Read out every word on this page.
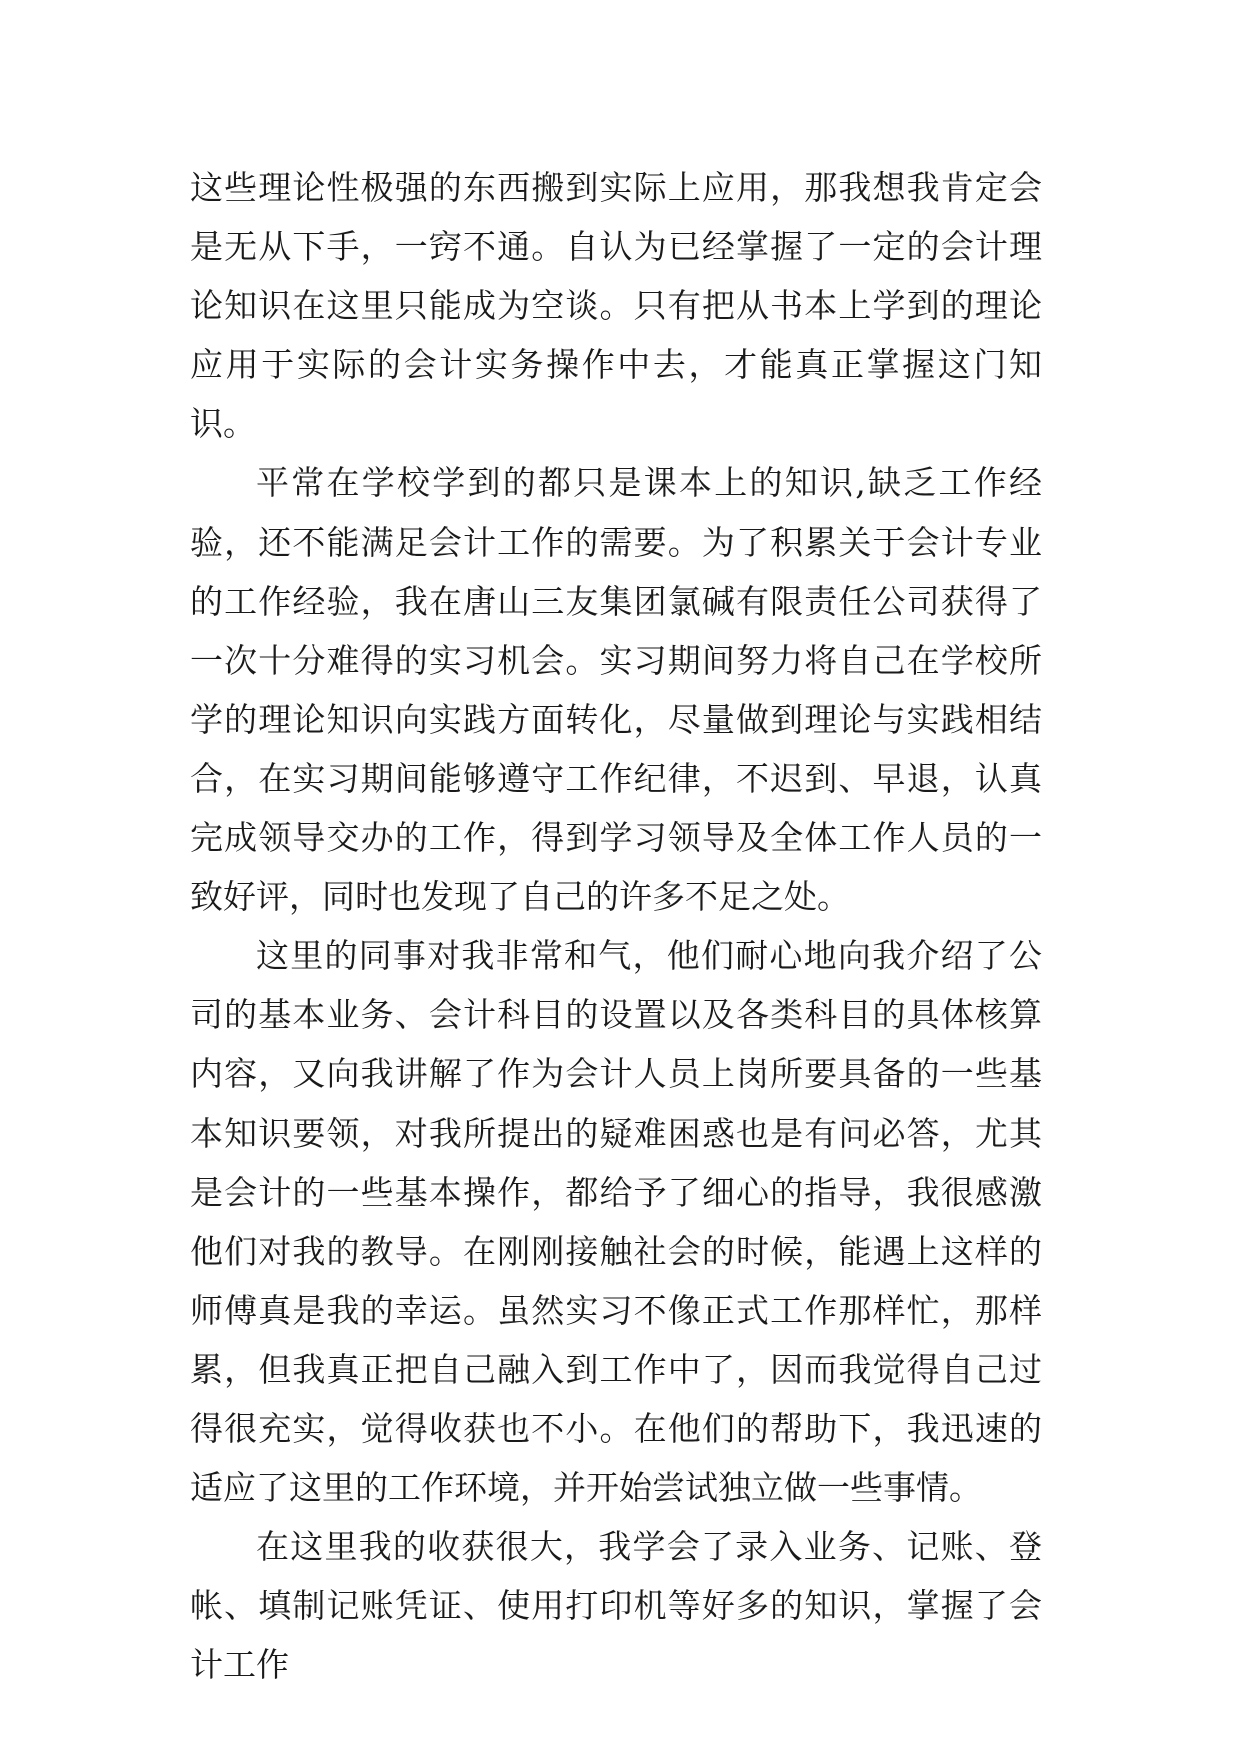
这些理论性极强的东西搬到实际上应用，那我想我肯定会是无从下手，一窍不通。自认为已经掌握了一定的会计理论知识在这里只能成为空谈。只有把从书本上学到的理论应用于实际的会计实务操作中去，才能真正掌握这门知识。

平常在学校学到的都只是课本上的知识,缺乏工作经验，还不能满足会计工作的需要。为了积累关于会计专业的工作经验，我在唐山三友集团氯碱有限责任公司获得了一次十分难得的实习机会。实习期间努力将自己在学校所学的理论知识向实践方面转化，尽量做到理论与实践相结合，在实习期间能够遵守工作纪律，不迟到、早退，认真完成领导交办的工作，得到学习领导及全体工作人员的一致好评，同时也发现了自己的许多不足之处。

这里的同事对我非常和气，他们耐心地向我介绍了公司的基本业务、会计科目的设置以及各类科目的具体核算内容，又向我讲解了作为会计人员上岗所要具备的一些基本知识要领，对我所提出的疑难困惑也是有问必答，尤其是会计的一些基本操作，都给予了细心的指导，我很感激他们对我的教导。在刚刚接触社会的时候，能遇上这样的师傅真是我的幸运。虽然实习不像正式工作那样忙，那样累，但我真正把自己融入到工作中了，因而我觉得自己过得很充实，觉得收获也不小。在他们的帮助下，我迅速的适应了这里的工作环境，并开始尝试独立做一些事情。

在这里我的收获很大，我学会了录入业务、记账、登帐、填制记账凭证、使用打印机等好多的知识，掌握了会计工作
